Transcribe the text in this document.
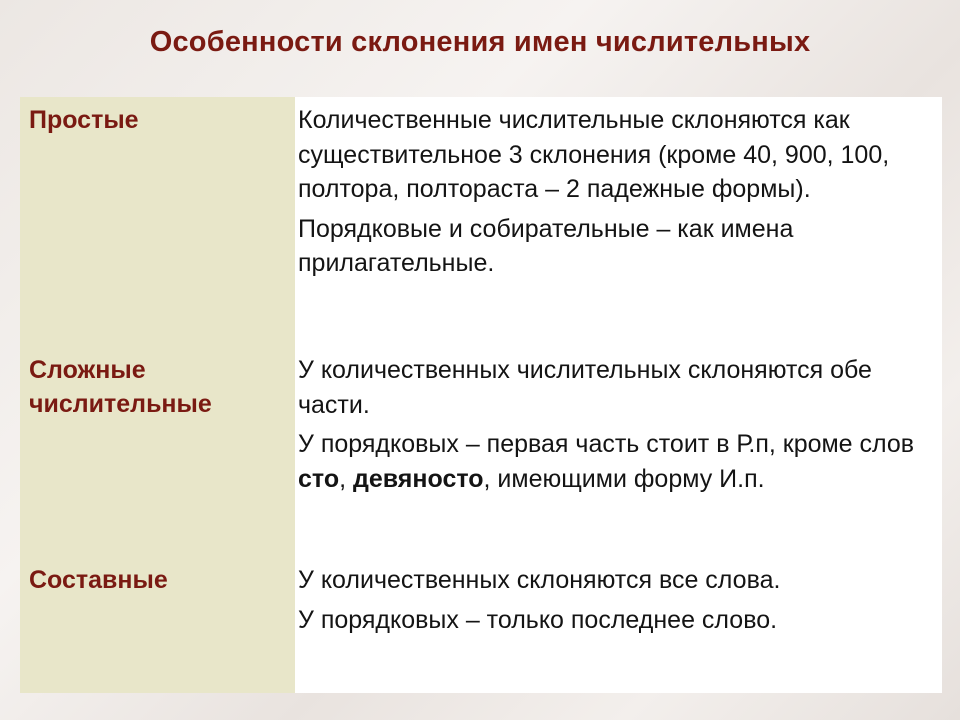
Особенности склонения имен числительных

Простые	Количественные числительные склоняются как существительное 3 склонения (кроме 40, 900, 100, полтора, полтораста – 2 падежные формы).

Порядковые и собирательные – как имена прилагательные.

Сложные
числительные

У количественных числительных склоняются обе части.

У порядковых – первая часть стоит в Р.п, кроме слов сто, девяносто, имеющими форму И.п.

Составные	У количественных склоняются все слова.

У порядковых – только последнее слово.
